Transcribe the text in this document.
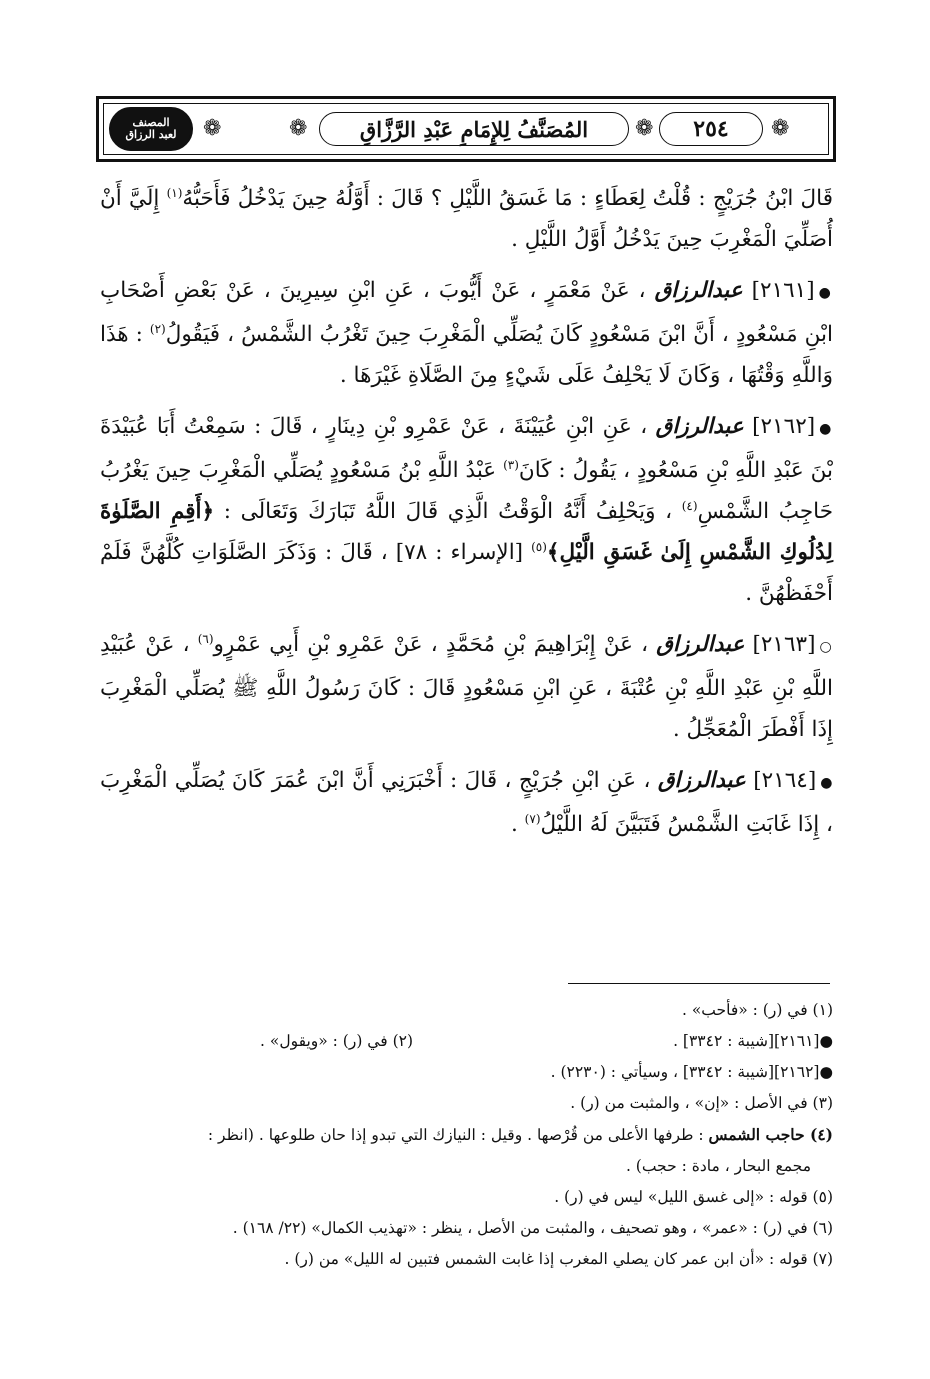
❁	❁
❁	❁
المصنف
لعبد الرزاق	المُصَنَّفُ لِلإِمَامِ عَبْدِ الرَّزَّاقِ	٢٥٤

قَالَ ابْنُ جُرَيْجٍ : قُلْتُ لِعَطَاءٍ : مَا غَسَقُ اللَّيْلِ ؟ قَالَ : أَوَّلُهُ حِينَ يَدْخُلُ فَأَحَبُّهُ$^{(١)}$ إِلَيَّ أَنْ أُصَلِّيَ الْمَغْرِبَ حِينَ يَدْخُلُ أَوَّلُ اللَّيْلِ .

●[٢١٦١] عبدالرزاق ، عَنْ مَعْمَرٍ ، عَنْ أَيُّوبَ ، عَنِ ابْنِ سِيرِينَ ، عَنْ بَعْضِ أَصْحَابِ ابْنِ مَسْعُودٍ ، أَنَّ ابْنَ مَسْعُودٍ كَانَ يُصَلِّي الْمَغْرِبَ حِينَ تَغْرُبُ الشَّمْسُ ، فَيَقُولُ$^{(٢)}$ : هَذَا وَاللَّهِ وَقْتُهَا ، وَكَانَ لَا يَحْلِفُ عَلَى شَيْءٍ مِنَ الصَّلَاةِ غَيْرَهَا .

●[٢١٦٢] عبدالرزاق ، عَنِ ابْنِ عُيَيْنَةَ ، عَنْ عَمْرِو بْنِ دِينَارٍ ، قَالَ : سَمِعْتُ أَبَا عُبَيْدَةَ بْنَ عَبْدِ اللَّهِ بْنِ مَسْعُودٍ ، يَقُولُ : كَانَ$^{(٣)}$ عَبْدُ اللَّهِ بْنُ مَسْعُودٍ يُصَلِّي الْمَغْرِبَ حِينَ يَغْرُبُ حَاجِبُ الشَّمْسِ$^{(٤)}$ ، وَيَحْلِفُ أَنَّهُ الْوَقْتُ الَّذِي قَالَ اللَّهُ تَبَارَكَ وَتَعَالَى : ﴿أَقِمِ الصَّلَوٰةَ لِدُلُوكِ الشَّمْسِ إِلَىٰ غَسَقِ الَّيْلِ﴾$^{(٥)}$ [الإسراء : ٧٨] ، قَالَ : وَذَكَرَ الصَّلَوَاتِ كُلَّهُنَّ فَلَمْ أَحْفَظْهُنَّ .

○[٢١٦٣] عبدالرزاق ، عَنْ إِبْرَاهِيمَ بْنِ مُحَمَّدٍ ، عَنْ عَمْرِو بْنِ أَبِي عَمْرٍو$^{(٦)}$ ، عَنْ عُبَيْدِ اللَّهِ بْنِ عَبْدِ اللَّهِ بْنِ عُتْبَةَ ، عَنِ ابْنِ مَسْعُودٍ قَالَ : كَانَ رَسُولُ اللَّهِ ﷺ يُصَلِّي الْمَغْرِبَ إِذَا أَفْطَرَ الْمُعَجِّلُ .

●[٢١٦٤] عبدالرزاق ، عَنِ ابْنِ جُرَيْجٍ ، قَالَ : أَخْبَرَنِي أَنَّ ابْنَ عُمَرَ كَانَ يُصَلِّي الْمَغْرِبَ ، إِذَا غَابَتِ الشَّمْسُ فَتَبَيَّنَ لَهُ اللَّيْلُ$^{(٧)}$ .

(١) في (ر) : «فأحب» .

●[٢١٦١][شيبة : ٣٣٤٢] .
(٢) في (ر) : «ويقول» .

●[٢١٦٢][شيبة : ٣٣٤٢] ، وسيأتي : (٢٢٣٠) .

(٣) في الأصل : «إن» ، والمثبت من (ر) .

(٤) حاجب الشمس : طرفها الأعلى من قُرْصها . وقيل : النيازك التي تبدو إذا حان طلوعها . (انظر :

مجمع البحار ، مادة : حجب) .

(٥) قوله : «إلى غسق الليل» ليس في (ر) .

(٦) في (ر) : «عمر» ، وهو تصحيف ، والمثبت من الأصل ، ينظر : «تهذيب الكمال» (٢٢/ ١٦٨) .

(٧) قوله : «أن ابن عمر كان يصلي المغرب إذا غابت الشمس فتبين له الليل» من (ر) .
